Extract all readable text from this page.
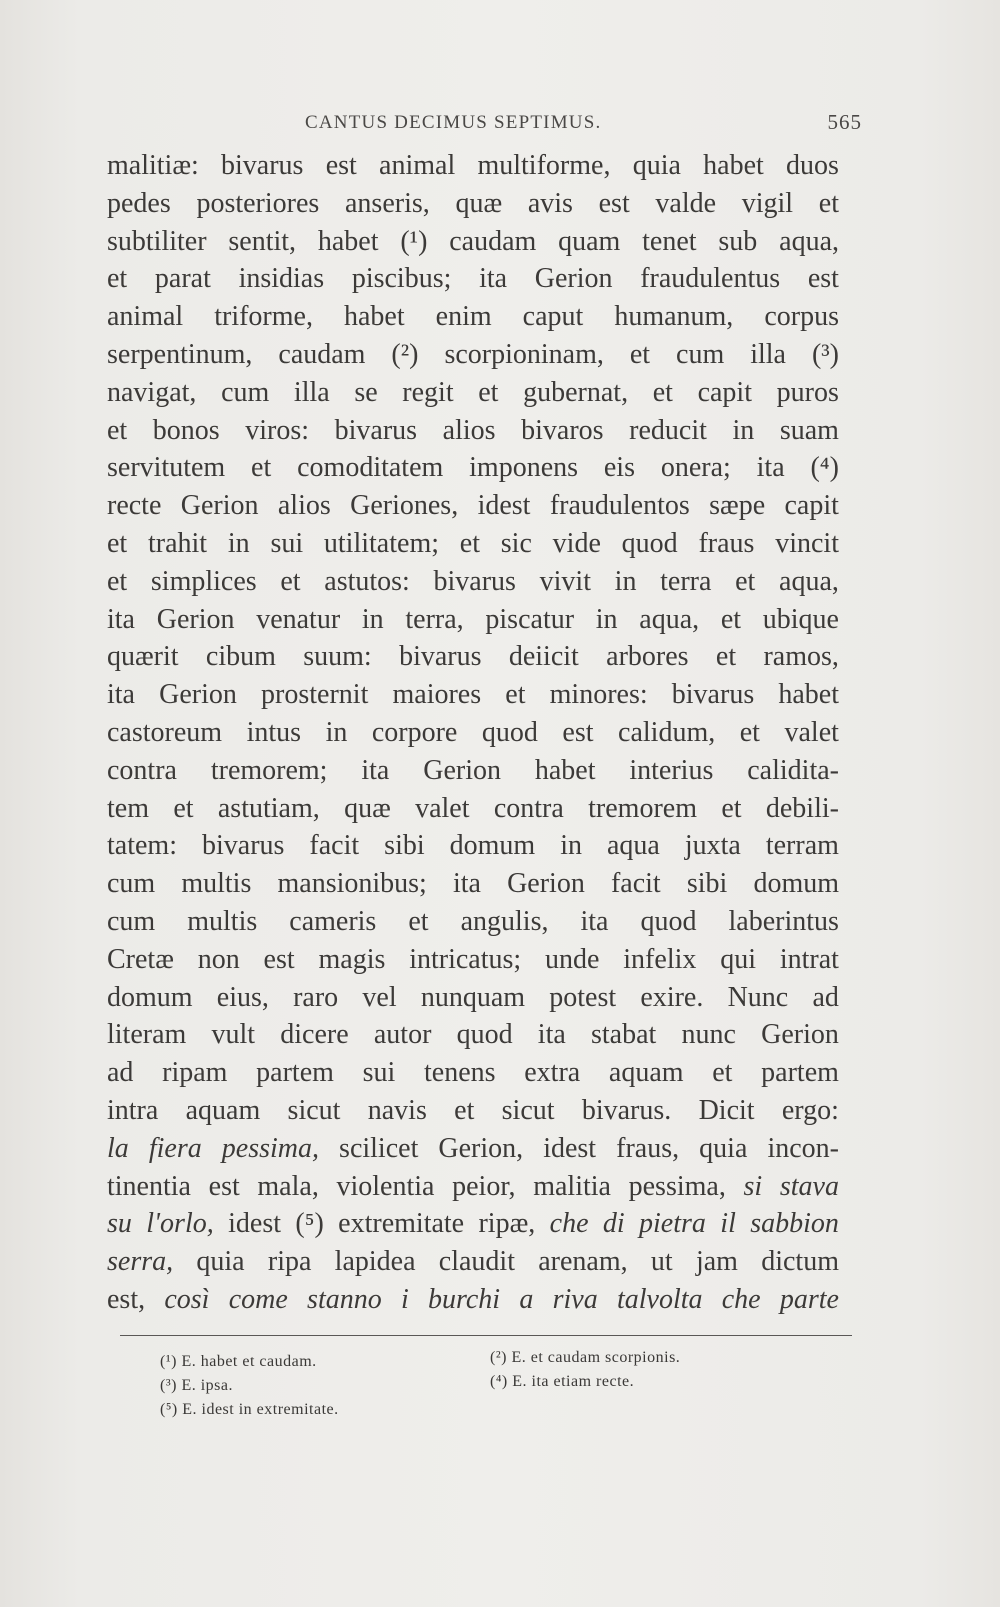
CANTUS DECIMUS SEPTIMUS.	565
malitiæ: bivarus est animal multiforme, quia habet duos
pedes posteriores anseris, quæ avis est valde vigil et
subtiliter sentit, habet (¹) caudam quam tenet sub aqua,
et parat insidias piscibus; ita Gerion fraudulentus est
animal triforme, habet enim caput humanum, corpus
serpentinum, caudam (²) scorpioninam, et cum illa (³)
navigat, cum illa se regit et gubernat, et capit puros
et bonos viros: bivarus alios bivaros reducit in suam
servitutem et comoditatem imponens eis onera; ita (⁴)
recte Gerion alios Geriones, idest fraudulentos sæpe capit
et trahit in sui utilitatem; et sic vide quod fraus vincit
et simplices et astutos: bivarus vivit in terra et aqua,
ita Gerion venatur in terra, piscatur in aqua, et ubique
quærit cibum suum: bivarus deiicit arbores et ramos,
ita Gerion prosternit maiores et minores: bivarus habet
castoreum intus in corpore quod est calidum, et valet
contra tremorem; ita Gerion habet interius calidita-
tem et astutiam, quæ valet contra tremorem et debili-
tatem: bivarus facit sibi domum in aqua juxta terram
cum multis mansionibus; ita Gerion facit sibi domum
cum multis cameris et angulis, ita quod laberintus
Cretæ non est magis intricatus; unde infelix qui intrat
domum eius, raro vel nunquam potest exire. Nunc ad
literam vult dicere autor quod ita stabat nunc Gerion
ad ripam partem sui tenens extra aquam et partem
intra aquam sicut navis et sicut bivarus. Dicit ergo:
la fiera pessima, scilicet Gerion, idest fraus, quia incon-
tinentia est mala, violentia peior, malitia pessima, si stava
su l'orlo, idest (⁵) extremitate ripæ, che di pietra il sabbion
serra, quia ripa lapidea claudit arenam, ut jam dictum
est, così come stanno i burchi a riva talvolta che parte
(¹) E. habet et caudam.	(²) E. et caudam scorpionis.
(³) E. ipsa.	(⁴) E. ita etiam recte.
(⁵) E. idest in extremitate.
